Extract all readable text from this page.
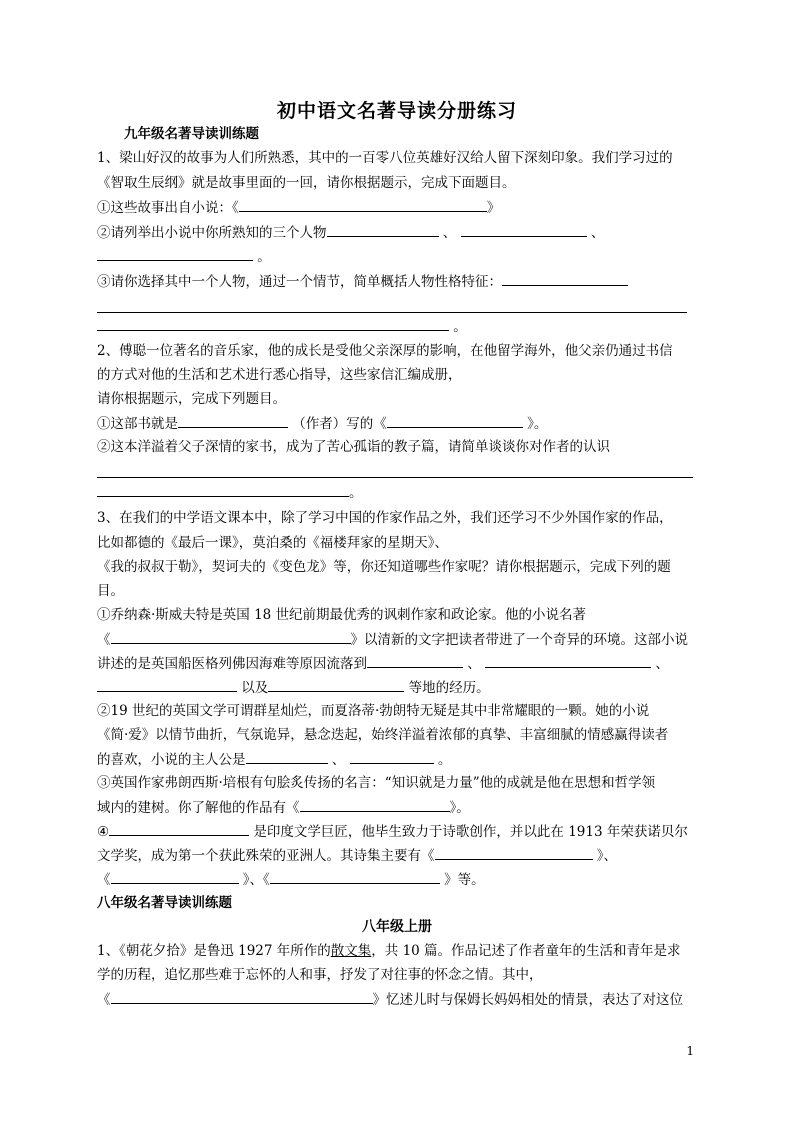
初中语文名著导读分册练习
九年级名著导读训练题
1、梁山好汉的故事为人们所熟悉，其中的一百零八位英雄好汉给人留下深刻印象。我们学习过的
《智取生辰纲》就是故事里面的一回，请你根据题示，完成下面题目。
①这些故事出自小说：《	》
②请列举出小说中你所熟知的三个人物	、	、
。
③请你选择其中一个人物，通过一个情节，简单概括人物性格特征：
。
2、傅聪一位著名的音乐家，他的成长是受他父亲深厚的影响，在他留学海外，他父亲仍通过书信
的方式对他的生活和艺术进行悉心指导，这些家信汇编成册，
请你根据题示，完成下列题目。
①这部书就是	（作者）写的《	》。
②这本洋溢着父子深情的家书，成为了苦心孤诣的教子篇，请简单谈谈你对作者的认识
。
3、在我们的中学语文课本中，除了学习中国的作家作品之外，我们还学习不少外国作家的作品，
比如都德的《最后一课》，莫泊桑的《福楼拜家的星期天》、
《我的叔叔于勒》，契诃夫的《变色龙》等，你还知道哪些作家呢？请你根据题示，完成下列的题
目。
①乔纳森·斯威夫特是英国 18 世纪前期最优秀的讽刺作家和政论家。他的小说名著
《	》以清新的文字把读者带进了一个奇异的环境。这部小说
讲述的是英国船医格列佛因海难等原因流落到	、	、
以及	等地的经历。
②19 世纪的英国文学可谓群星灿烂，而夏洛蒂·勃朗特无疑是其中非常耀眼的一颗。她的小说
《简·爱》以情节曲折，气氛诡异，悬念迭起，始终洋溢着浓郁的真挚、丰富细腻的情感赢得读者
的喜欢，小说的主人公是	、	。
③英国作家弗朗西斯·培根有句脍炙传扬的名言：“知识就是力量”他的成就是他在思想和哲学领
域内的建树。你了解他的作品有《	》。
④	是印度文学巨匠，他毕生致力于诗歌创作，并以此在 1913 年荣获诺贝尔
文学奖，成为第一个获此殊荣的亚洲人。其诗集主要有《	》、
《	》、《	》等。
八年级名著导读训练题
八年级上册
1、《朝花夕拾》是鲁迅 1927 年所作的散文集，共 10 篇。作品记述了作者童年的生活和青年是求
学的历程，追忆那些难于忘怀的人和事，抒发了对往事的怀念之情。其中，
《	》忆述儿时与保姆长妈妈相处的情景，表达了对这位
1
